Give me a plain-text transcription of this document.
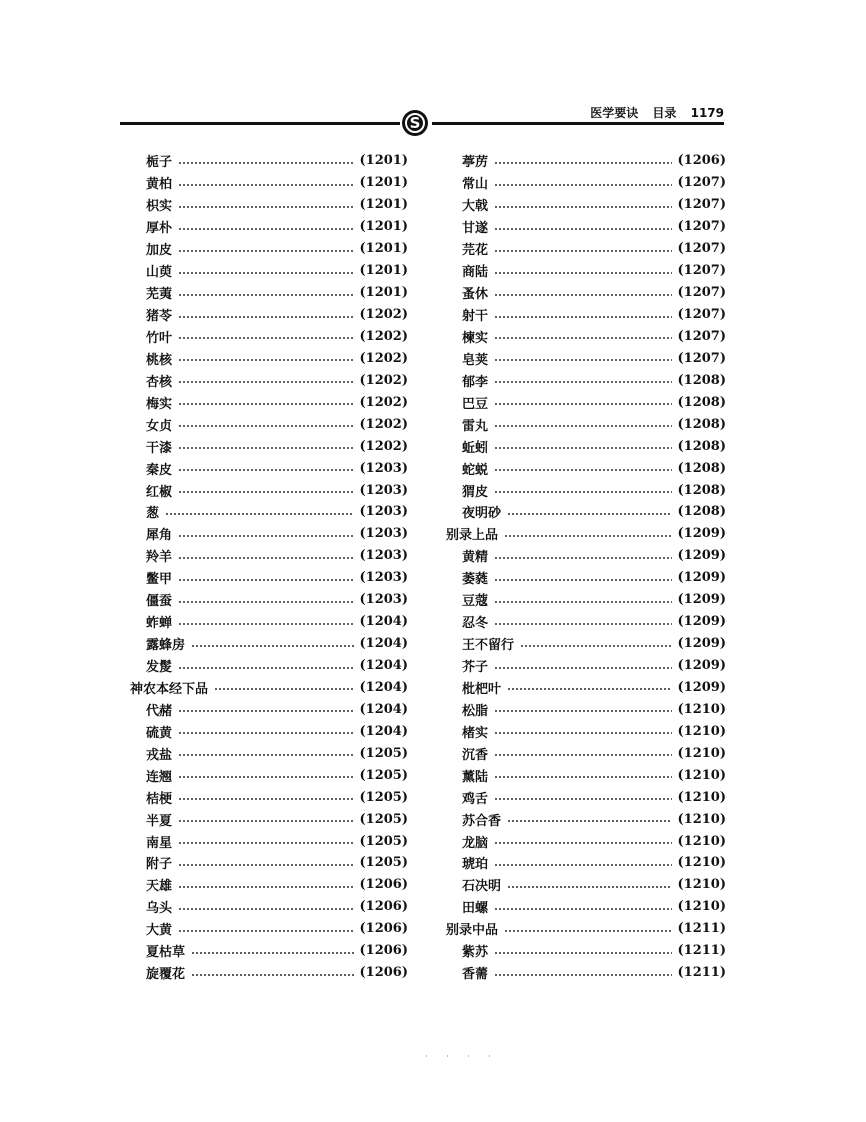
S
医学要诀 目录 1179
栀子	(1201)
黄柏	(1201)
枳实	(1201)
厚朴	(1201)
加皮	(1201)
山萸	(1201)
芜荑	(1201)
猪苓	(1202)
竹叶	(1202)
桃核	(1202)
杏核	(1202)
梅实	(1202)
女贞	(1202)
干漆	(1202)
秦皮	(1203)
红椒	(1203)
葱	(1203)
犀角	(1203)
羚羊	(1203)
鳖甲	(1203)
僵蚕	(1203)
蚱蝉	(1204)
露蜂房	(1204)
发髲	(1204)
神农本经下品	(1204)
代赭	(1204)
硫黄	(1204)
戎盐	(1205)
连翘	(1205)
桔梗	(1205)
半夏	(1205)
南星	(1205)
附子	(1205)
天雄	(1206)
乌头	(1206)
大黄	(1206)
夏枯草	(1206)
旋覆花	(1206)
葶苈	(1206)
常山	(1207)
大戟	(1207)
甘遂	(1207)
芫花	(1207)
商陆	(1207)
蚤休	(1207)
射干	(1207)
楝实	(1207)
皂荚	(1207)
郁李	(1208)
巴豆	(1208)
雷丸	(1208)
蚯蚓	(1208)
蛇蜕	(1208)
猬皮	(1208)
夜明砂	(1208)
别录上品	(1209)
黄精	(1209)
萎蕤	(1209)
豆蔻	(1209)
忍冬	(1209)
王不留行	(1209)
芥子	(1209)
枇杷叶	(1209)
松脂	(1210)
楮实	(1210)
沉香	(1210)
薰陆	(1210)
鸡舌	(1210)
苏合香	(1210)
龙脑	(1210)
琥珀	(1210)
石决明	(1210)
田螺	(1210)
别录中品	(1211)
紫苏	(1211)
香薷	(1211)
· · · ·
